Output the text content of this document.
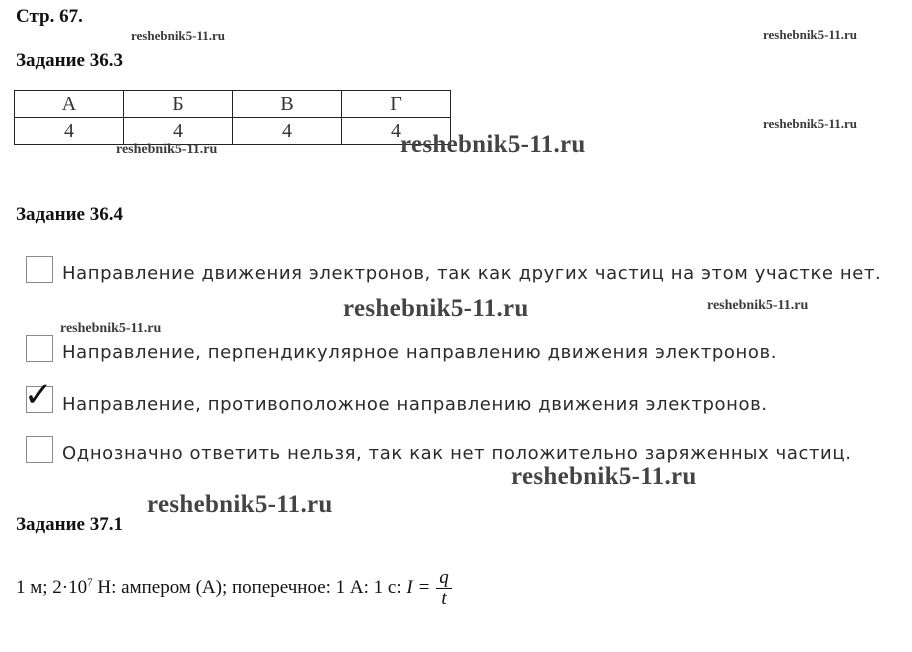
Стр. 67.
reshebnik5-11.ru	reshebnik5-11.ru
Задание 36.3
А	Б	В	Г
4	4	4	4	reshebnik5-11.ru
reshebnik5-11.ru	reshebnik5-11.ru
Задание 36.4
Направление движения электронов, так как других частиц на этом участке нет.
reshebnik5-11.ru	reshebnik5-11.ru
reshebnik5-11.ru
Направление, перпендикулярное направлению движения электронов.
✓ Направление, противоположное направлению движения электронов.
Однозначно ответить нельзя, так как нет положительно заряженных частиц.
reshebnik5-11.ru
reshebnik5-11.ru
Задание 37.1
1 м; $2\cdot 10^7$ Н: ампером (А); поперечное: 1 А: 1 с: $I = \frac{q}{t}$
